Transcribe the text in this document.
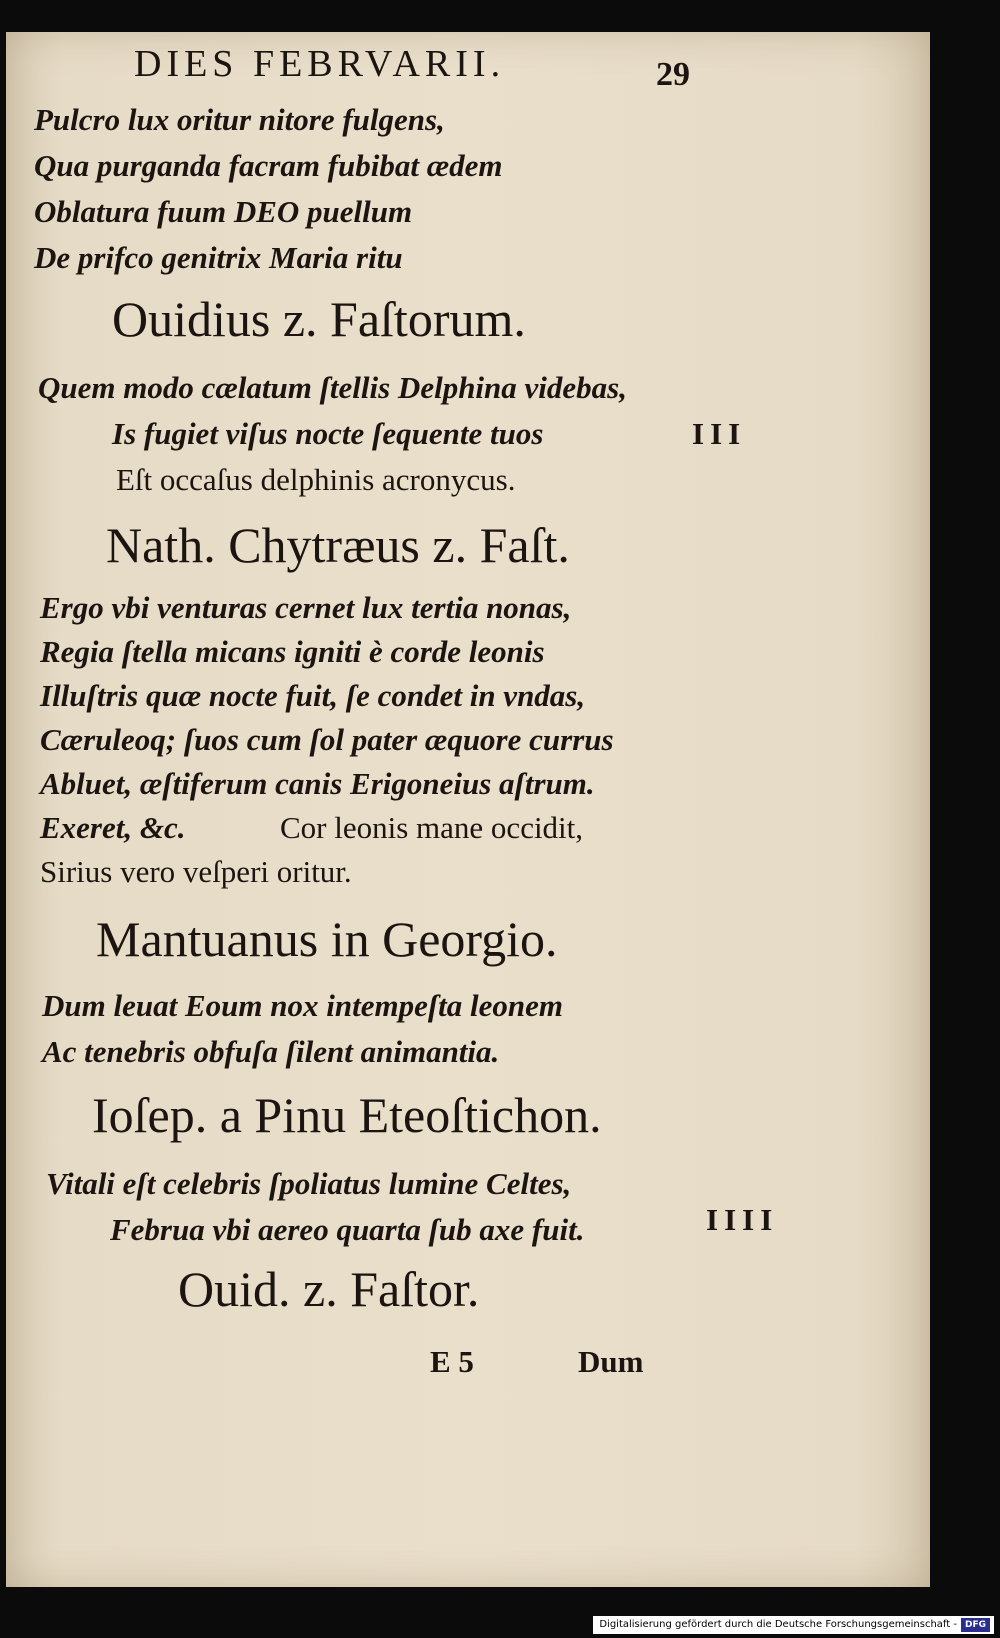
DIES FEBRVARII.	29
Pulcro lux oritur nitore fulgens,
Qua purganda facram fubibat ædem
Oblatura fuum DEO puellum
De prifco genitrix Maria ritu
Ouidius z. Faſtorum.
Quem modo cælatum ſtellis Delphina videbas,
Is fugiet viſus nocte ſequente tuos
Eſt occaſus delphinis acronycus.
III
Nath. Chytræus z. Faſt.
Ergo vbi venturas cernet lux tertia nonas,
Regia ſtella micans igniti è corde leonis
Illuſtris quæ nocte fuit, ſe condet in vndas,
Cæruleoq; ſuos cum ſol pater æquore currus
Abluet, æſtiferum canis Erigoneius aſtrum.
Exeret, &c.	Cor leonis mane occidit,
Sirius vero veſperi oritur.
Mantuanus in Georgio.
Dum leuat Eoum nox intempeſta leonem
Ac tenebris obfuſa ſilent animantia.
Ioſep. a Pinu Eteoſtichon.
Vitali eſt celebris ſpoliatus lumine Celtes,
Februa vbi aereo quarta ſub axe fuit.	IIII
Ouid. z. Faſtor.
E 5	Dum
Digitalisierung gefördert durch die Deutsche Forschungsgemeinschaft - DFG
